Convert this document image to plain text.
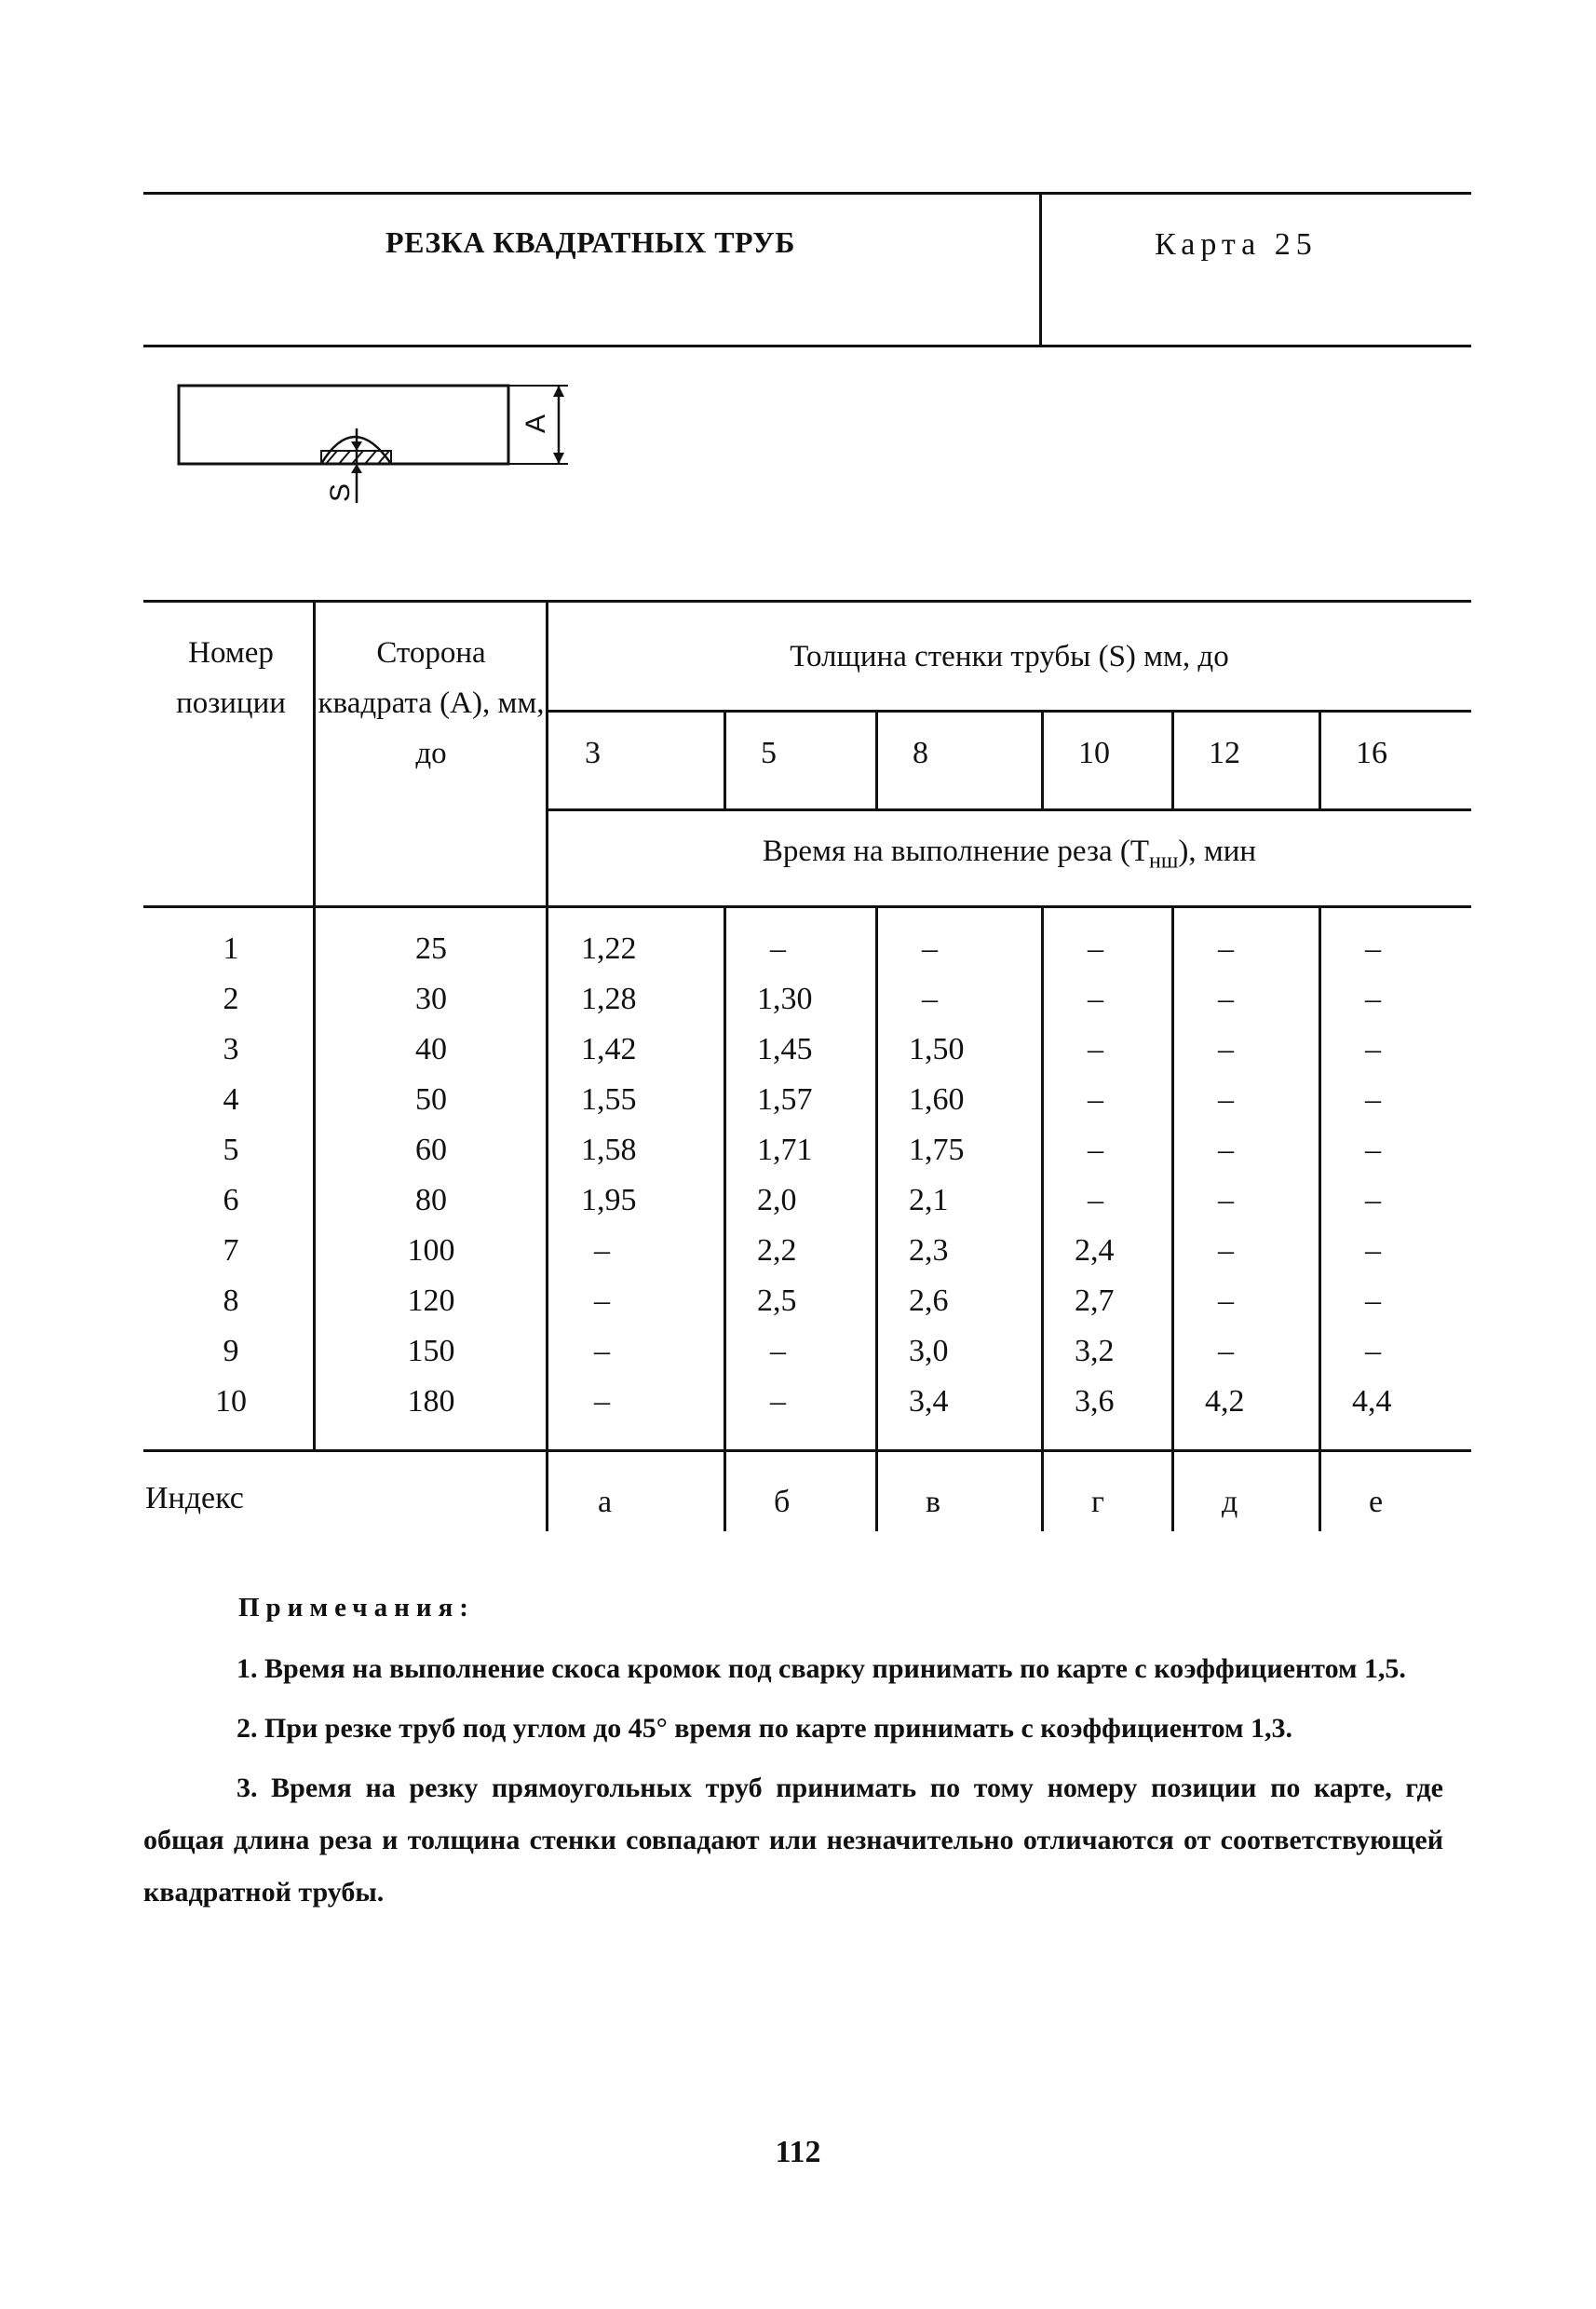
РЕЗКА КВАДРАТНЫХ ТРУБ	Карта 25
A
S
Номер позиции
Сторона квадрата (А), мм, до
Толщина стенки трубы (S) мм, до
3	5	8	10	12	16
Время на выполнение реза $(Т_{нш})$, мин
1	25	1,22	–	–	–	–	–
2	30	1,28	1,30	–	–	–	–
3	40	1,42	1,45	1,50	–	–	–
4	50	1,55	1,57	1,60	–	–	–
5	60	1,58	1,71	1,75	–	–	–
6	80	1,95	2,0	2,1	–	–	–
7	100	–	2,2	2,3	2,4	–	–
8	120	–	2,5	2,6	2,7	–	–
9	150	–	–	3,0	3,2	–	–
10	180	–	–	3,4	3,6	4,2	4,4
Индекс	а	б	в	г	д	е
Примечания:
1. Время на выполнение скоса кромок под сварку принимать по карте с коэффициентом 1,5.
2. При резке труб под углом до 45° время по карте принимать с коэффициентом 1,3.
3. Время на резку прямоугольных труб принимать по тому номеру позиции по карте, где общая длина реза и толщина стенки совпадают или незначительно отличаются от соответствующей квадратной трубы.
112
